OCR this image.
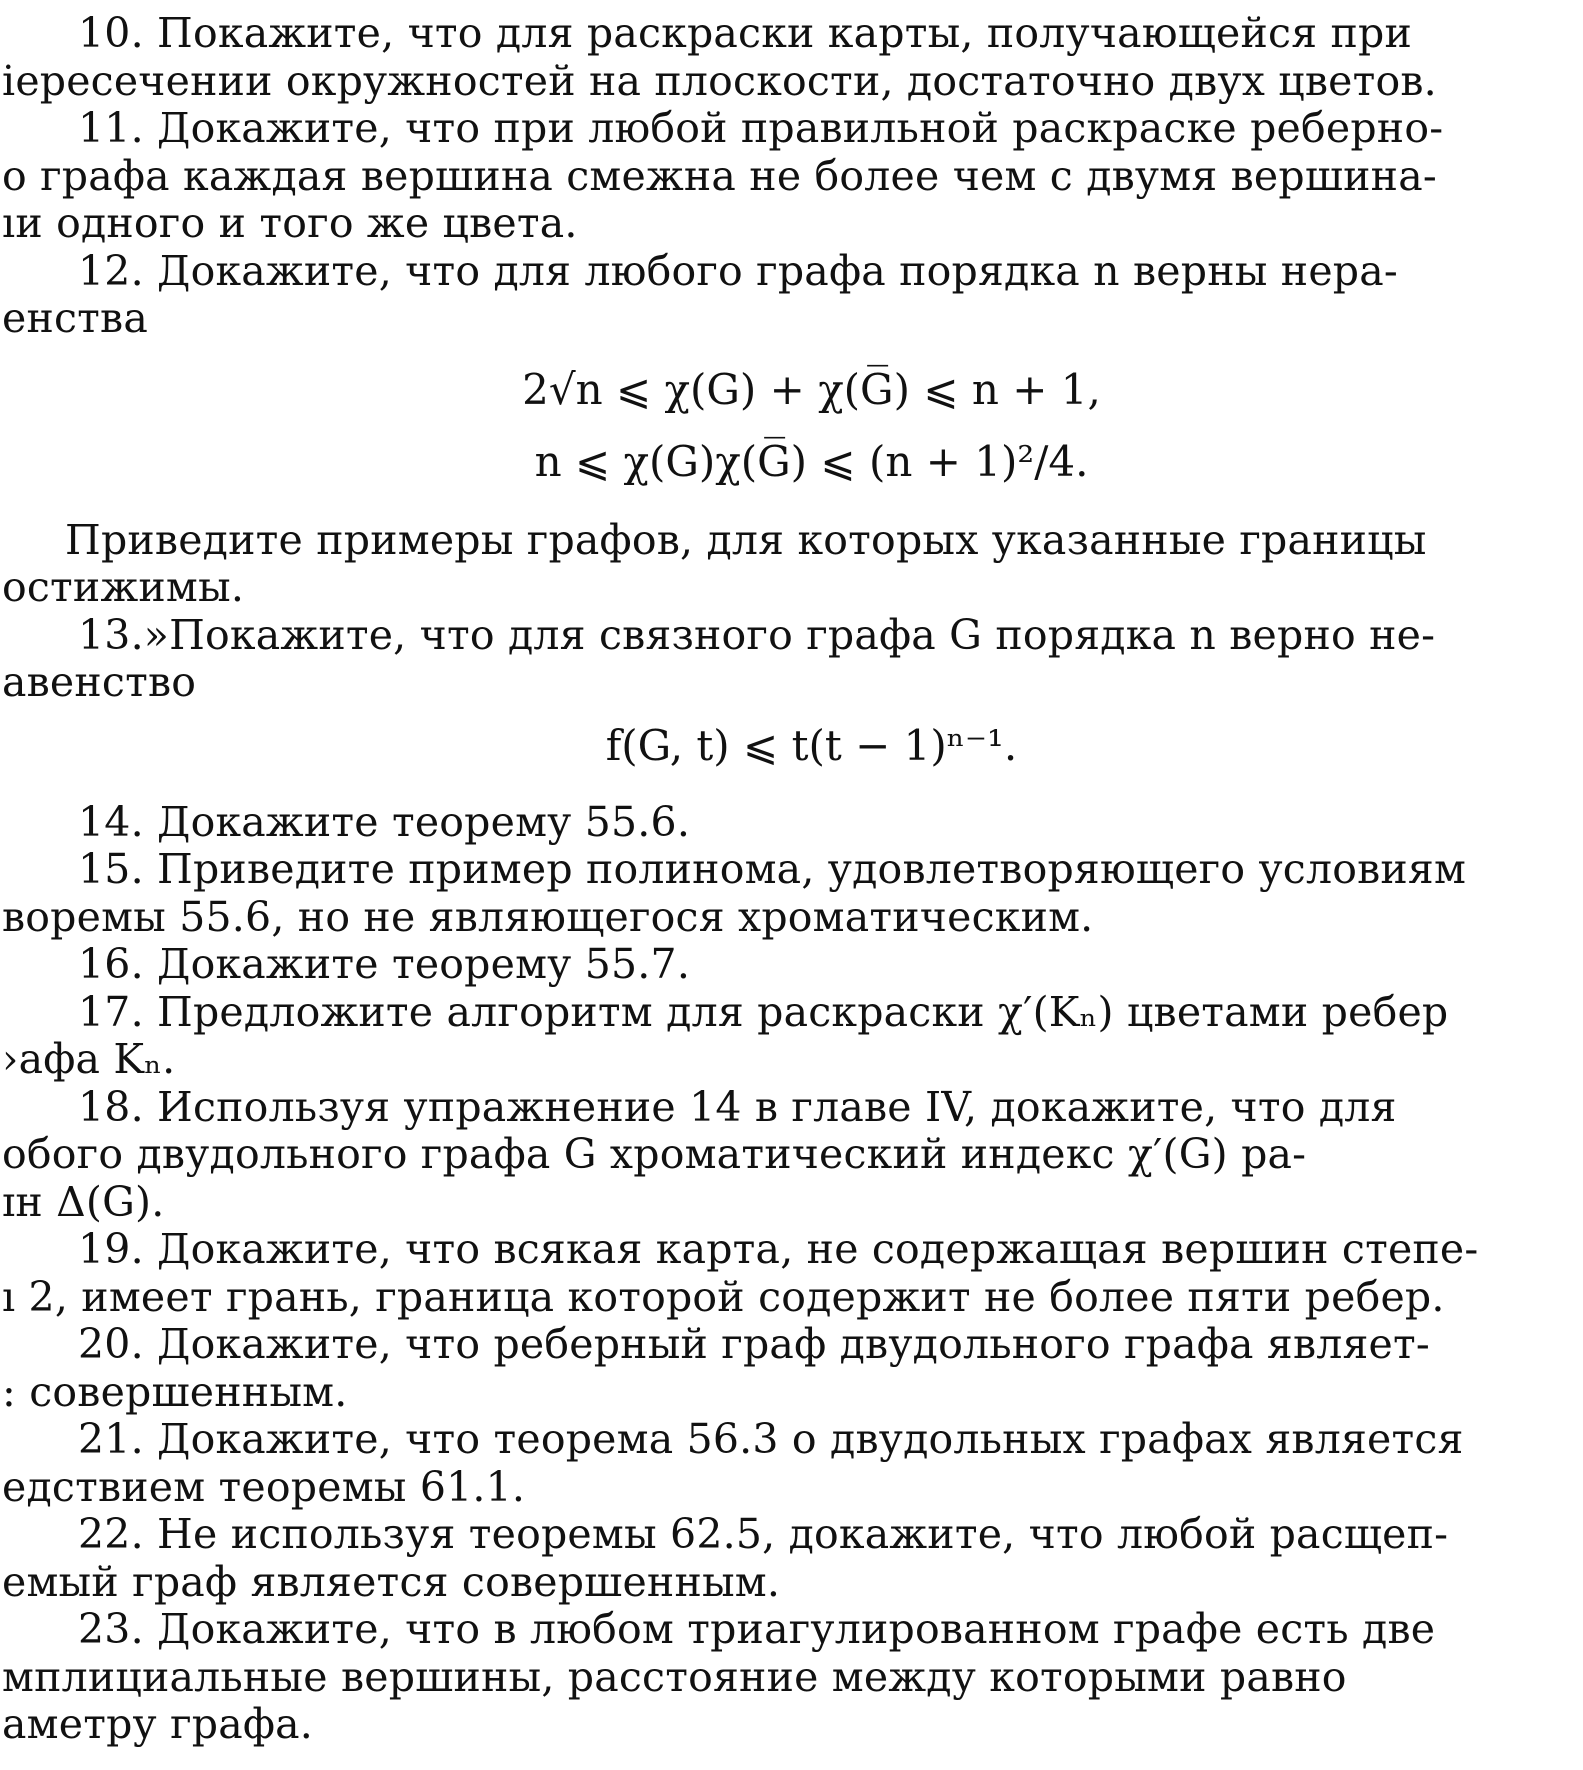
10. Покажите, что для раскраски карты, получающейся при
iересечении окружностей на плоскости, достаточно двух цветов.
11. Докажите, что при любой правильной раскраске реберно-
о графа каждая вершина смежна не более чем с двумя вершина-
ıи одного и того же цвета.
12. Докажите, что для любого графа порядка n верны нера-
енства
2√n ⩽ χ(G) + χ(G̅) ⩽ n + 1,
n ⩽ χ(G)χ(G̅) ⩽ (n + 1)²/4.
Приведите примеры графов, для которых указанные границы
остижимы.
13.»Покажите, что для связного графа G порядка n верно не-
авенство
f(G, t) ⩽ t(t − 1)ⁿ⁻¹.
14. Докажите теорему 55.6.
15. Приведите пример полинома, удовлетворяющего условиям
ворeмы 55.6, но не являющегося хроматическим.
16. Докажите теорему 55.7.
17. Предложите алгоритм для раскраски χ′(Kₙ) цветами ребер
›афа Kₙ.
18. Используя упражнение 14 в главе IV, докажите, что для
обого двудольного графа G хроматический индекс χ′(G) ра-
ɪн Δ(G).
19. Докажите, что всякая карта, не содержащая вершин степе-
ı 2, имеет грань, граница которой содержит не более пяти ребер.
20. Докажите, что реберный граф двудольного графа являет-
: совершенным.
21. Докажите, что теорема 56.3 о двудольных графах является
едствием теоремы 61.1.
22. Не используя теоремы 62.5, докажите, что любой расщеп-
емый граф является совершенным.
23. Докажите, что в любом триагулированном графе есть две
мплициальные вершины, расстояние между которыми равно
аметру графа.
